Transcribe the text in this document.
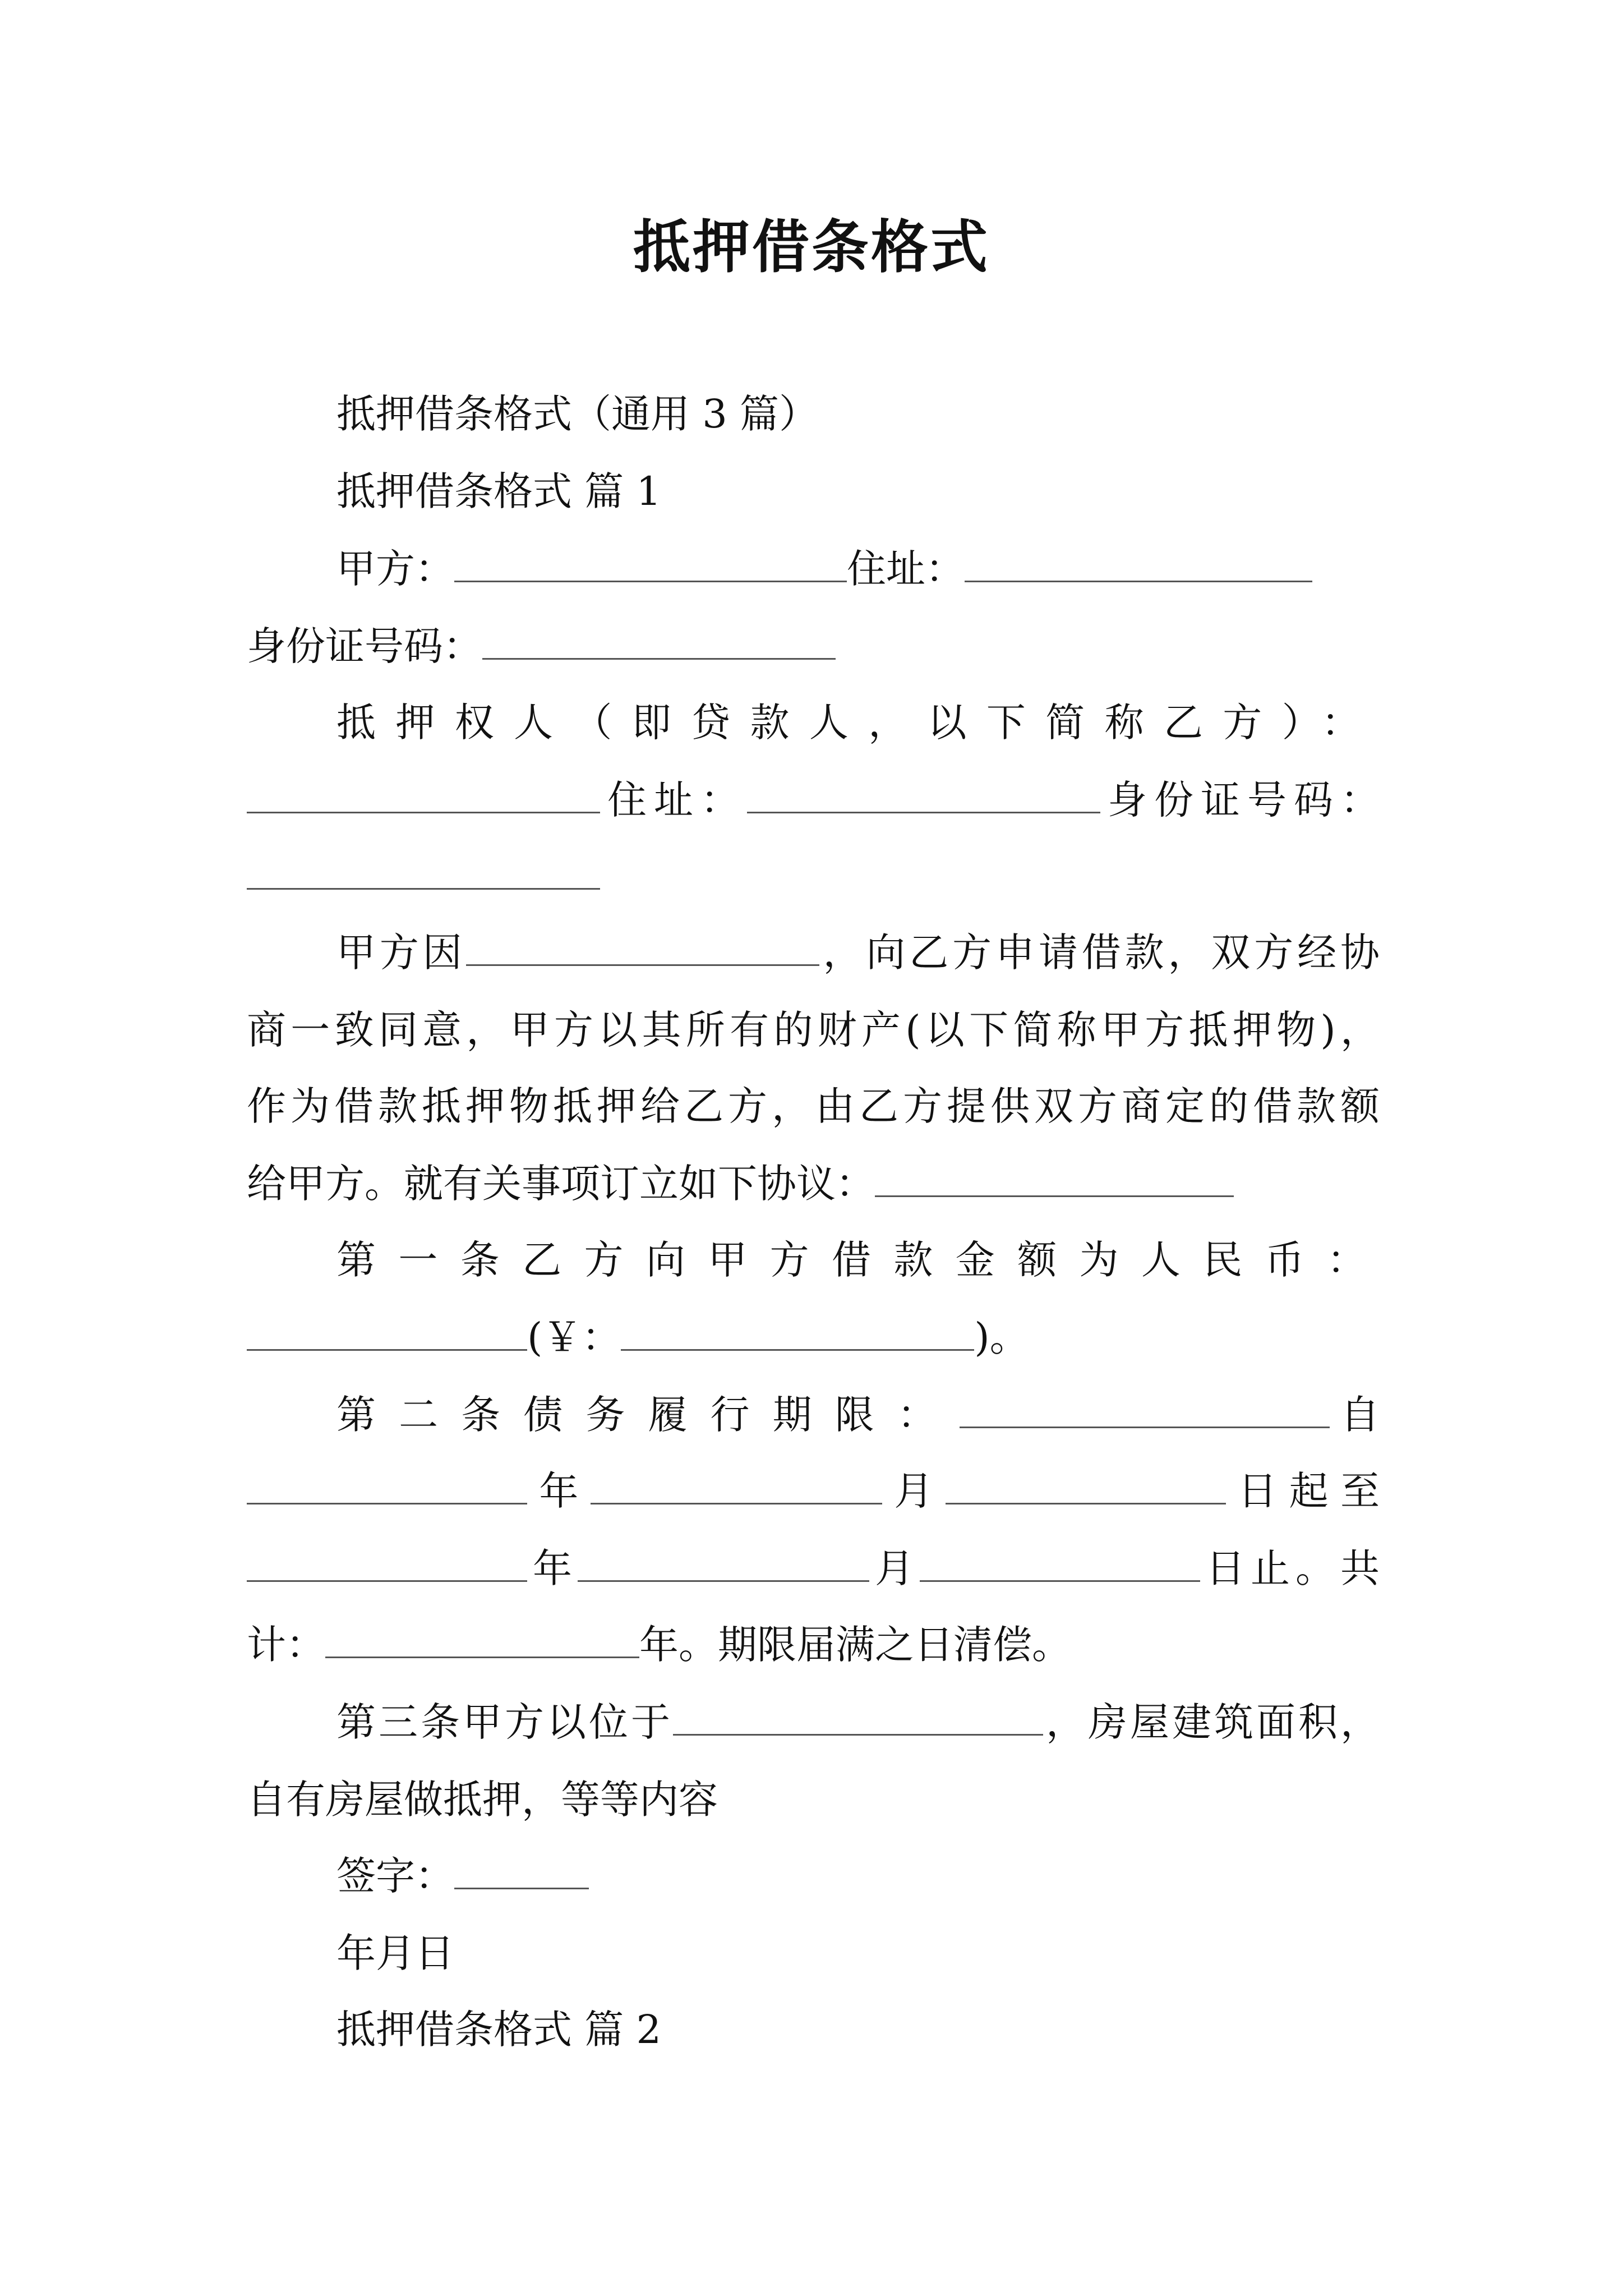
抵押借条格式
抵押借条格式（通用 3 篇）
抵押借条格式 篇 1
甲方：	住址：
身份证号码：
抵押权人（即贷款人，以下简称乙方）：
住址：	身份证号码：
甲方因	，向乙方申请借款，双方经协
商一致同意，甲方以其所有的财产(以下简称甲方抵押物)，
作为借款抵押物抵押给乙方，由乙方提供双方商定的借款额
给甲方。就有关事项订立如下协议：
第一条乙方向甲方借款金额为人民币：
(￥：	)。
第二条债务履行期限：	自
年	月	日起至
年	月	日止。共
计：	年。期限届满之日清偿。
第三条甲方以位于	，房屋建筑面积，
自有房屋做抵押，等等内容
签字：
年月日
抵押借条格式 篇 2
